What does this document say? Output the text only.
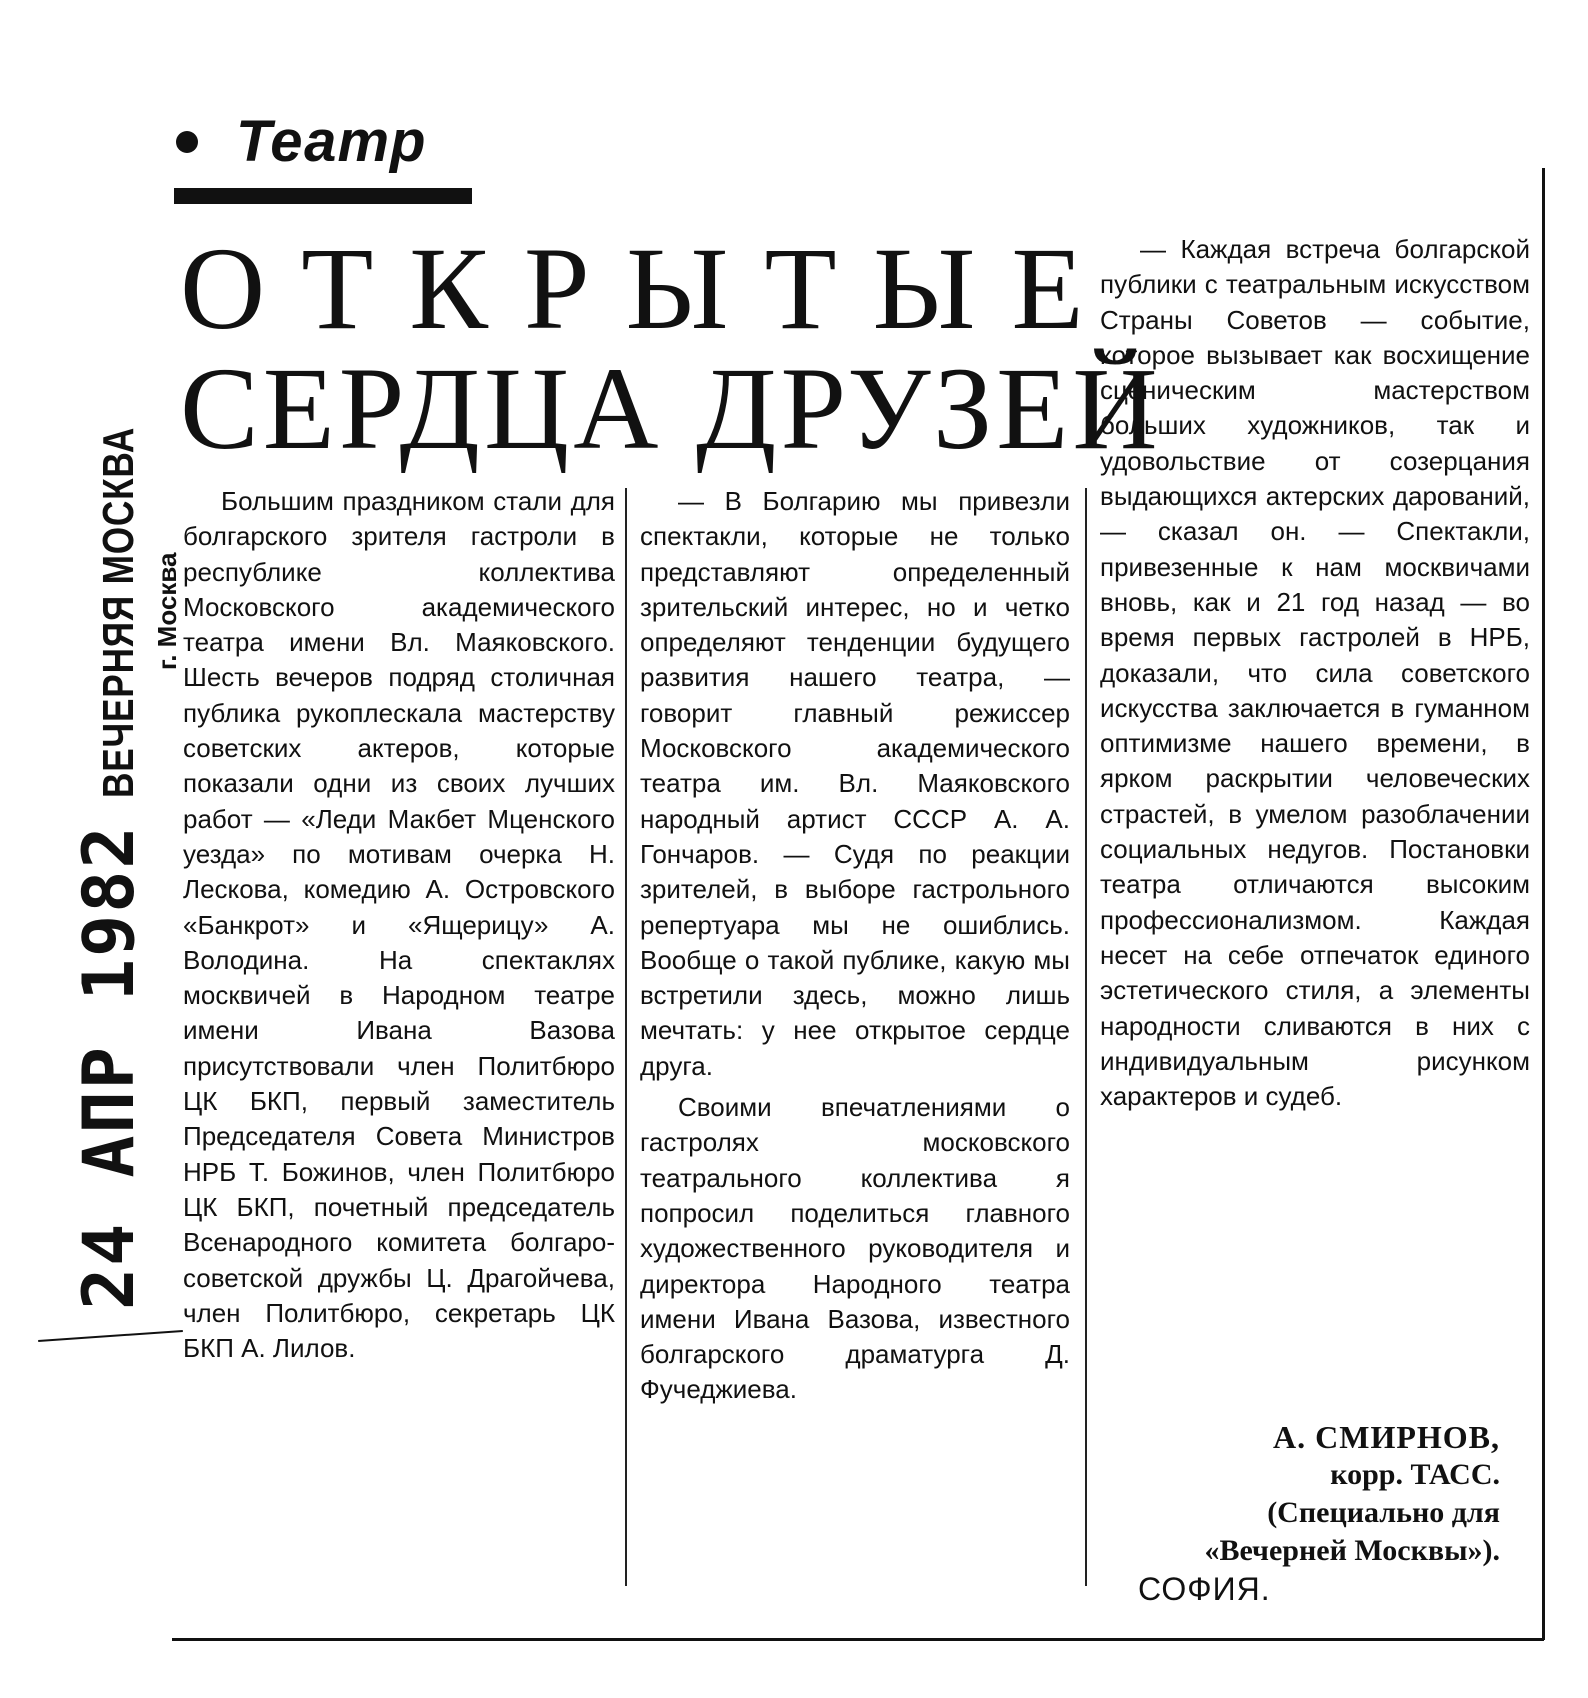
24 АПР 1982
ВЕЧЕРНЯЯ МОСКВА г. Москва
Театр
ОТКРЫТЫЕ
СЕРДЦА ДРУЗЕЙ

Большим праздником стали для болгарского зрителя гастроли в республике коллектива Московского академического театра имени Вл. Маяковского. Шесть вечеров подряд столичная публика рукоплескала мастерству советских актеров, которые показали одни из своих лучших работ — «Леди Макбет Мценского уезда» по мотивам очерка Н. Лескова, комедию А. Островского «Банкрот» и «Ящерицу» А. Володина. На спектаклях москвичей в Народном театре имени Ивана Вазова присутствовали член Политбюро ЦК БКП, первый заместитель Председателя Совета Министров НРБ Т. Божинов, член Политбюро ЦК БКП, почетный председатель Всенародного комитета болгаро-советской дружбы Ц. Драгойчева, член Политбюро, секретарь ЦК БКП А. Лилов.

— В Болгарию мы привезли спектакли, которые не только представляют определенный зрительский интерес, но и четко определяют тенденции будущего развития нашего театра, — говорит главный режиссер Московского академического театра им. Вл. Маяковского народный артист СССР А. А. Гончаров. — Судя по реакции зрителей, в выборе гастрольного репертуара мы не ошиблись. Вообще о такой публике, какую мы встретили здесь, можно лишь мечтать: у нее открытое сердце друга.

Своими впечатлениями о гастролях московского театрального коллектива я попросил поделиться главного художественного руководителя и директора Народного театра имени Ивана Вазова, известного болгарского драматурга Д. Фучеджиева.

— Каждая встреча болгарской публики с театральным искусством Страны Советов — событие, которое вызывает как восхищение сценическим мастерством больших художников, так и удовольствие от созерцания выдающихся актерских дарований, — сказал он. — Спектакли, привезенные к нам москвичами вновь, как и 21 год назад — во время первых гастролей в НРБ, доказали, что сила советского искусства заключается в гуманном оптимизме нашего времени, в ярком раскрытии человеческих страстей, в умелом разоблачении социальных недугов. Постановки театра отличаются высоким профессионализмом. Каждая несет на себе отпечаток единого эстетического стиля, а элементы народности сливаются в них с индивидуальным рисунком характеров и судеб.

А. СМИРНОВ,
корр. ТАСС.
(Специально для
«Вечерней Москвы»).
СОФИЯ.
